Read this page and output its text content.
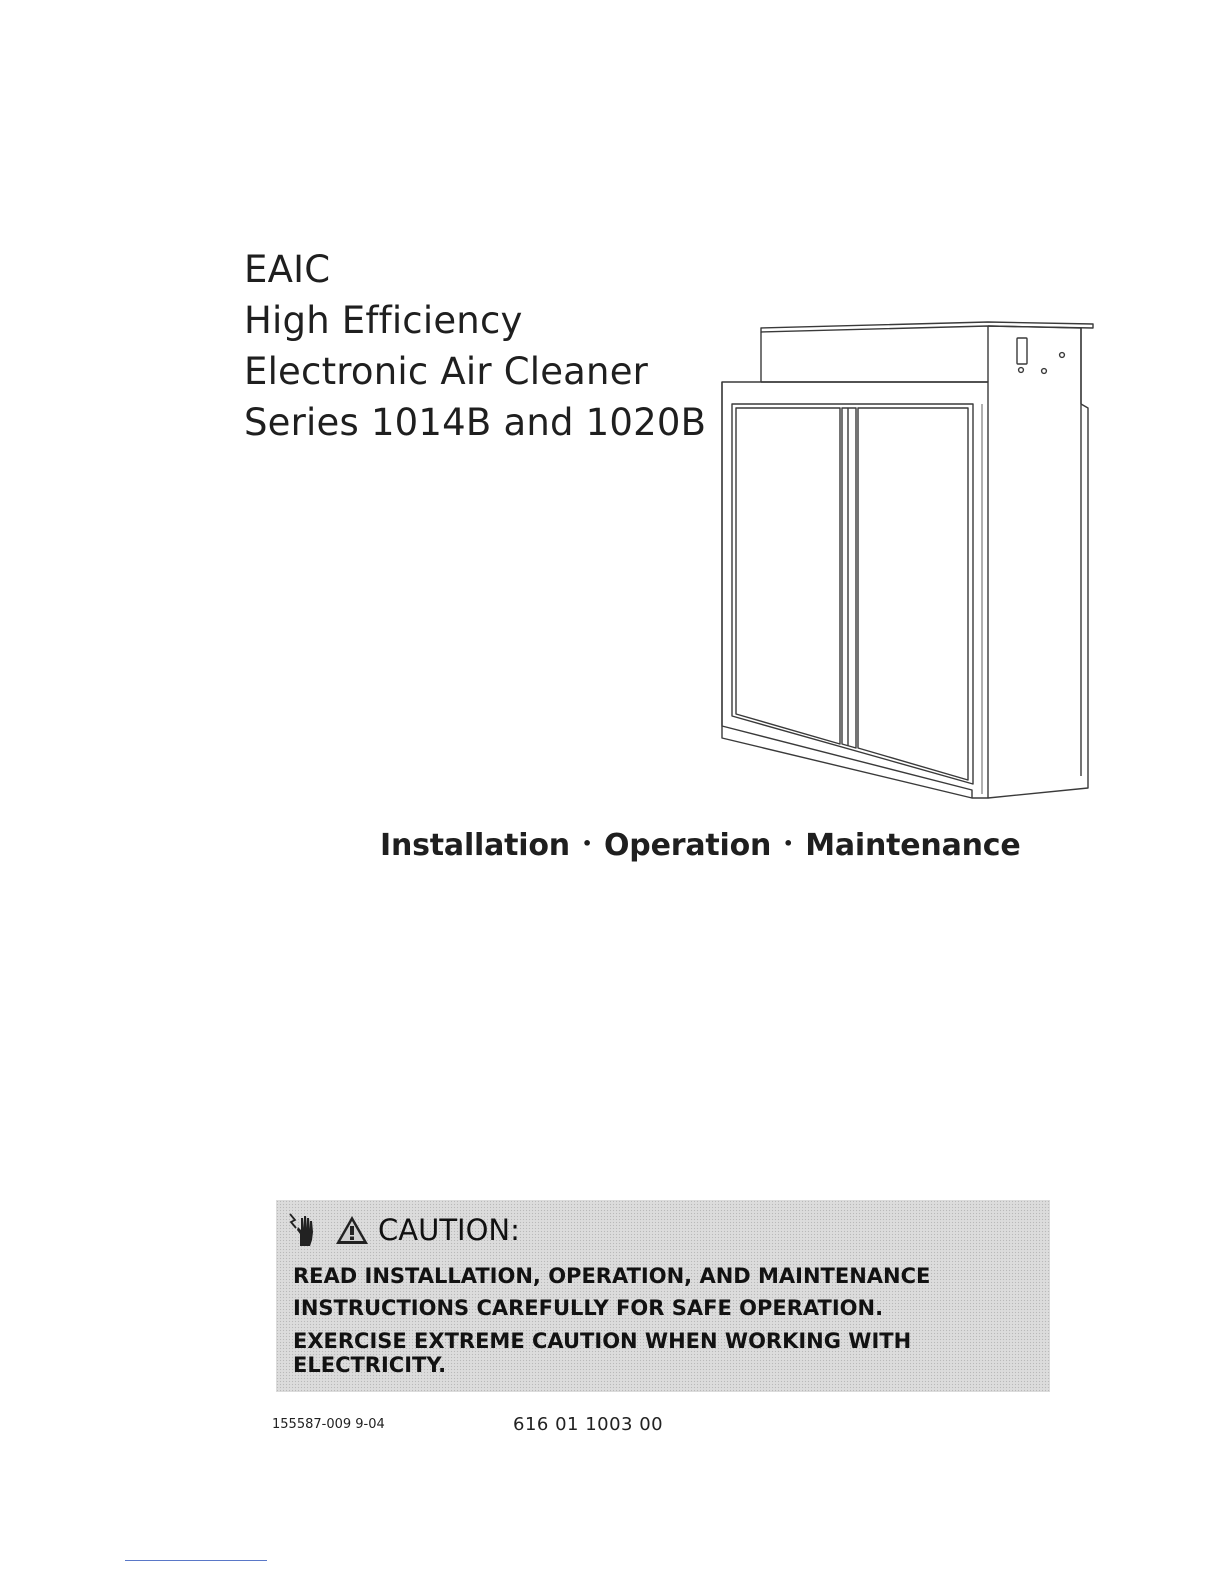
EAIC
High Efficiency
Electronic Air Cleaner
Series 1014B and 1020B
Installation • Operation • Maintenance
CAUTION:
READ INSTALLATION, OPERATION, AND MAINTENANCE
INSTRUCTIONS CAREFULLY FOR SAFE OPERATION.
EXERCISE EXTREME CAUTION WHEN WORKING WITH ELECTRICITY.
155587-009 9-04	616 01 1003 00
